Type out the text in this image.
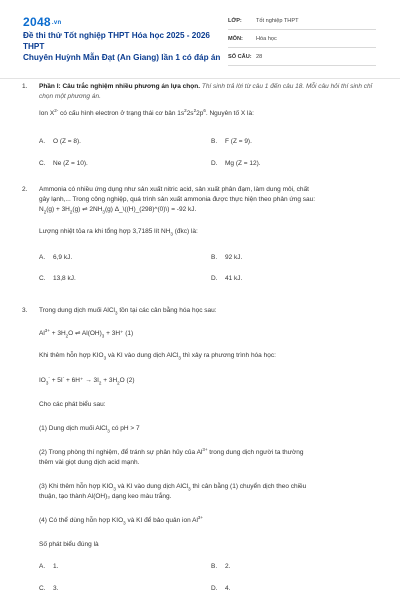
2048.vn
Đề thi thử Tốt nghiệp THPT Hóa học 2025 - 2026 THPT
Chuyên Huỳnh Mẫn Đạt (An Giang) lần 1 có đáp án
LỚP:	Tốt nghiệp THPT
MÔN:	Hóa học
SỐ CÂU: 28
1.	Phần I: Câu trắc nghiệm nhiều phương án lựa chọn. Thí sinh trả lời từ câu 1 đến câu 18. Mỗi câu hỏi thí sinh chỉ chọn một phương án.
Ion $X^{2-}$ có cấu hình electron ở trạng thái cơ bản $1s^22s^22p^6$. Nguyên tố X là:
A. O (Z = 8).	B. F (Z = 9).
C. Ne (Z = 10).	D. Mg (Z = 12).
2.	Ammonia có nhiều ứng dụng như sản xuất nitric acid, sản xuất phân đạm, làm dung môi, chất
gây lạnh,... Trong công nghiệp, quá trình sản xuất ammonia được thực hiện theo phản ứng sau:
$N_2(g) + 3H_2(g)$ ⇌ $2NH_3(g)$ Δ_\((H)_(298)^(0)\) = -92 kJ.
Lượng nhiệt tỏa ra khi tổng hợp 3,7185 lít $NH_3$ (đkc) là:
A. 6,9 kJ.	B. 92 kJ.
C. 13,8 kJ.	D. 41 kJ.
3.	Trong dung dịch muối AlCl$_3$ tồn tại các cân bằng hóa học sau:
$Al^{3+} + 3H_2O$ ⇌ $Al(OH)_3 + 3H^+$ (1)
Khi thêm hỗn hợp $KIO_3$ và KI vào dung dịch AlCl$_3$ thì xảy ra phương trình hóa học:
$IO_3^- + 5I^- + 6H^+ \to 3I_2 + 3H_2O$ (2)
Cho các phát biểu sau:
(1) Dung dịch muối AlCl$_3$ có pH > 7
(2) Trong phòng thí nghiệm, để tránh sự phân hủy của $Al^{3+}$ trong dung dịch người ta thường
thêm vài giọt dung dịch acid mạnh.
(3) Khi thêm hỗn hợp $KIO_3$ và KI vào dung dịch AlCl$_3$ thì cân bằng (1) chuyển dịch theo chiều
thuận, tạo thành Al(OH)₃ dạng keo màu trắng.
(4) Có thể dùng hỗn hợp $KIO_3$ và KI để bảo quản ion $Al^{3+}$
Số phát biểu đúng là
A. 1.	B. 2.
C. 3.	D. 4.
